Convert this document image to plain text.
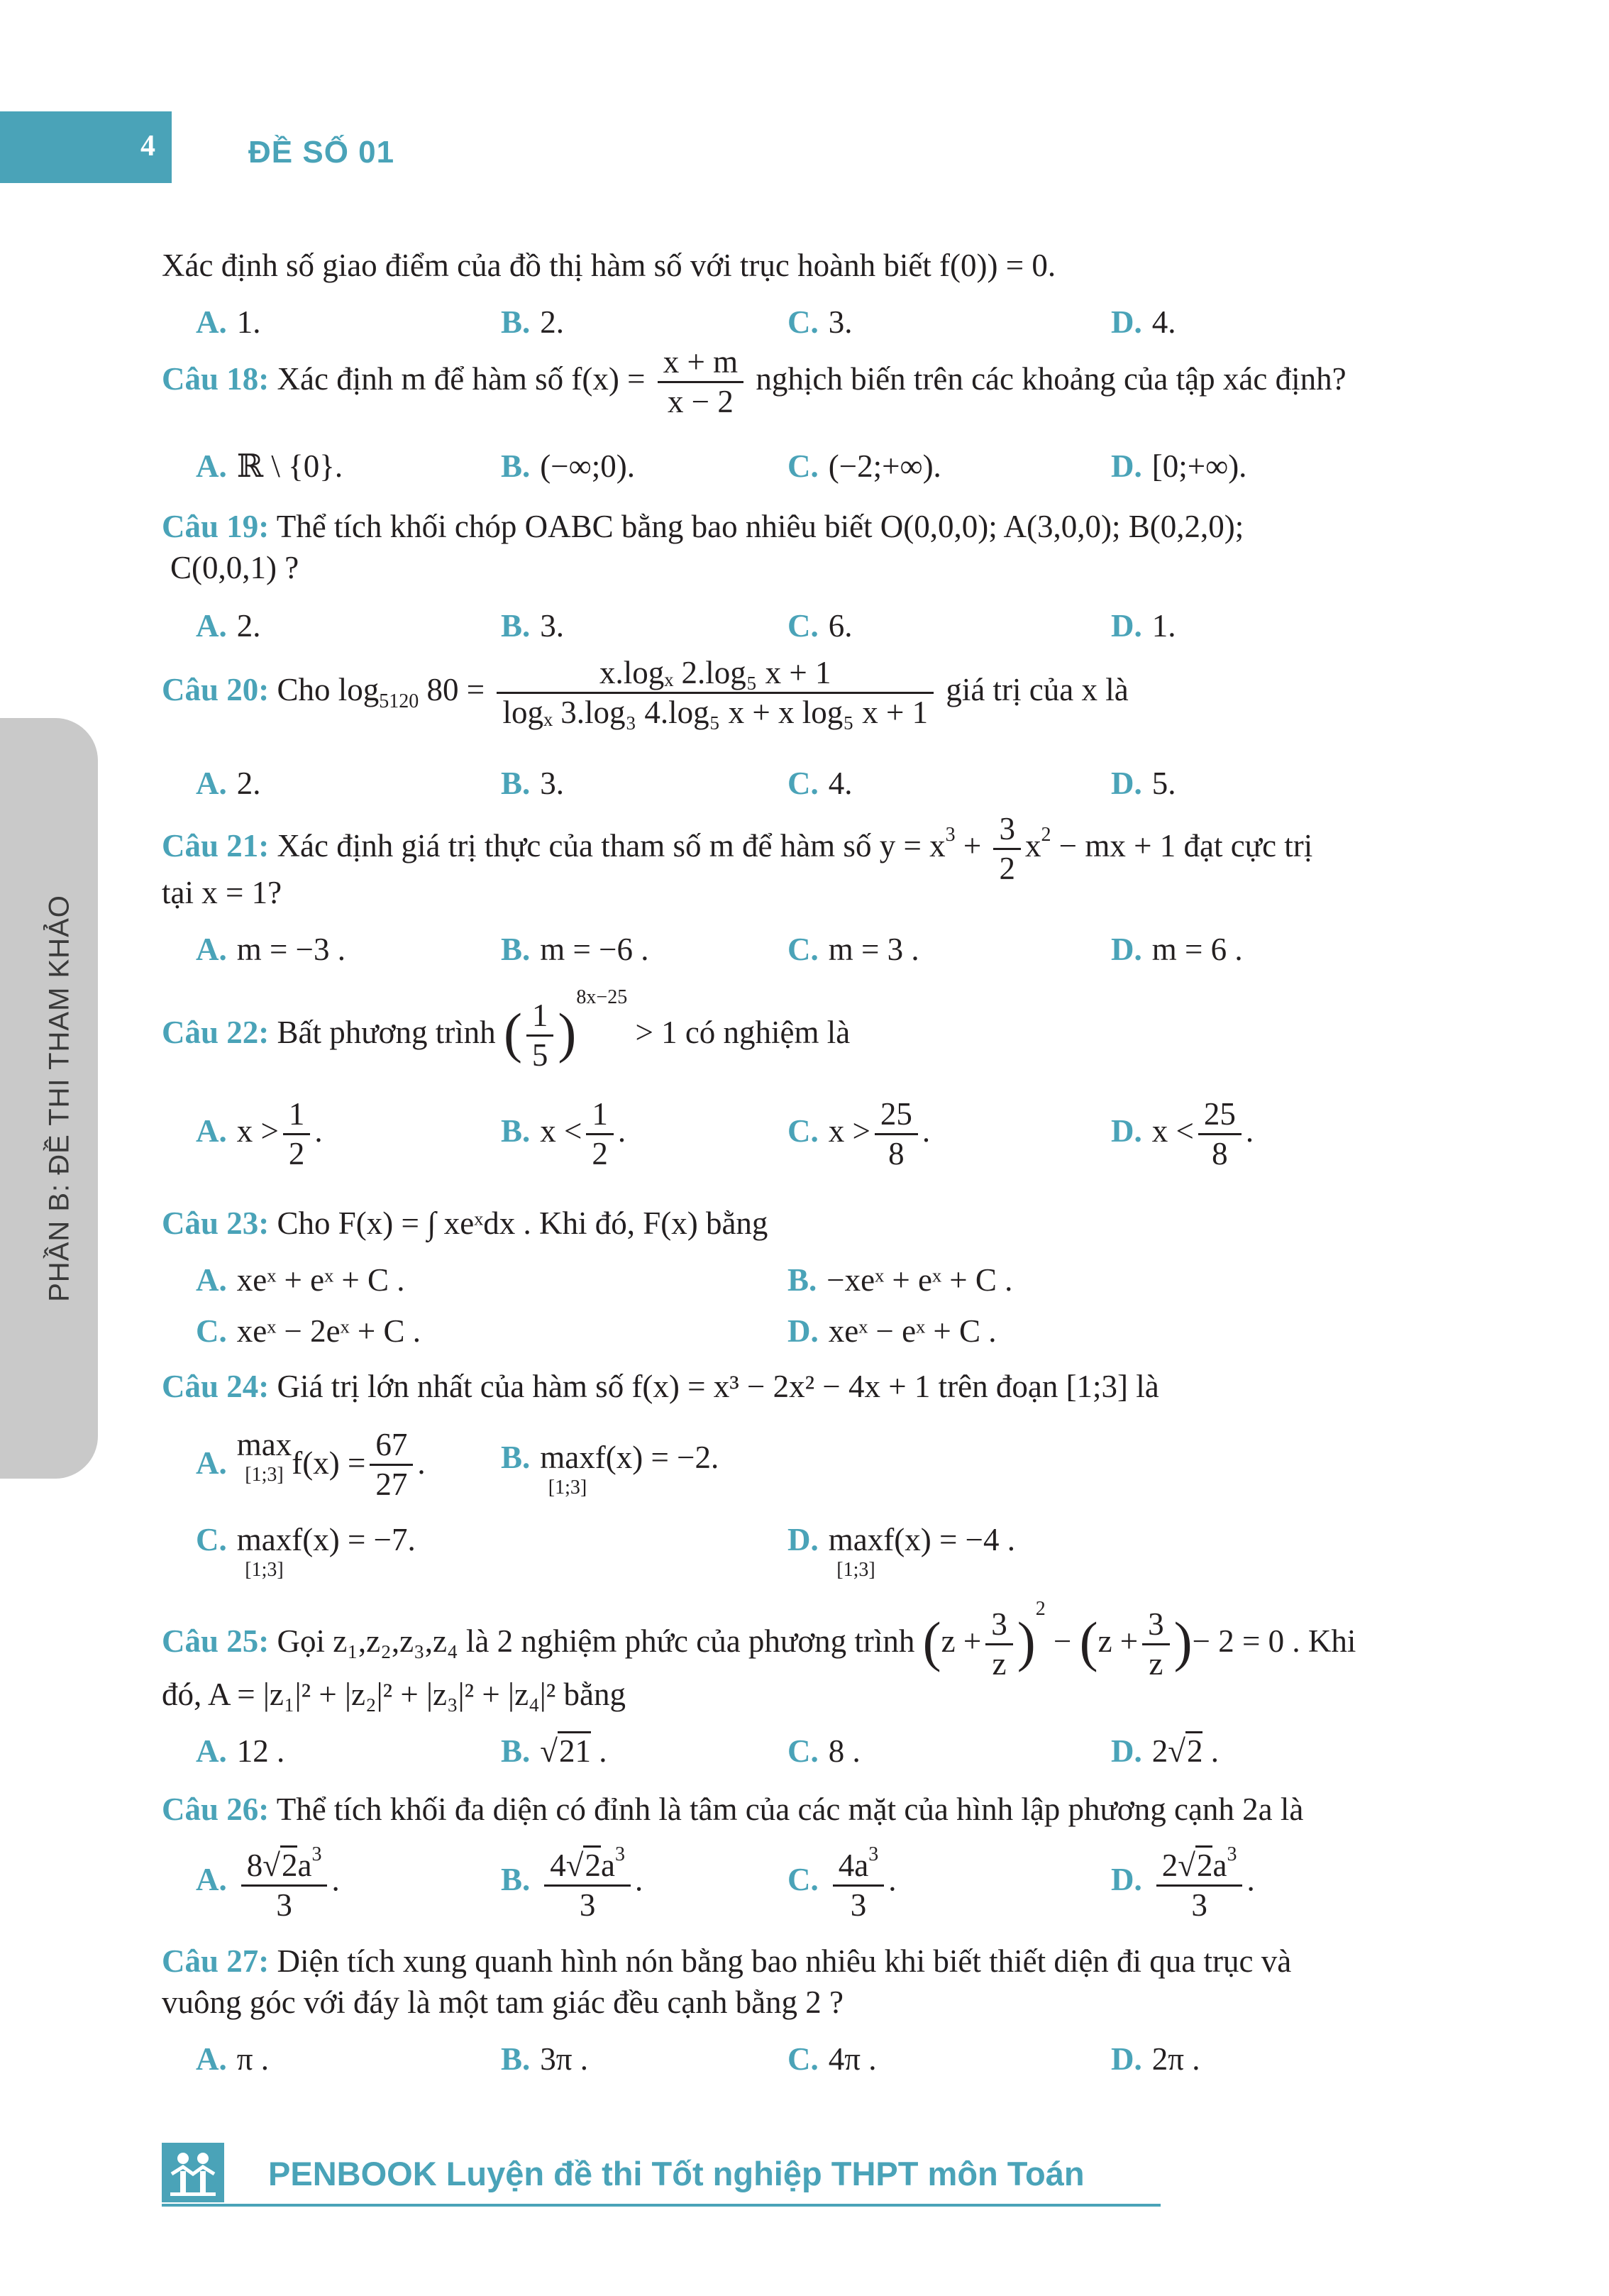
4	ĐỀ SỐ 01
PHẦN B: ĐỀ THI THAM KHẢO
Xác định số giao điểm của đồ thị hàm số với trục hoành biết f(0)) = 0.
A. 1.	B. 2.	C. 3.	D. 4.
Câu 18: Xác định m để hàm số $f(x) = \frac{x + m}{x - 2}$ nghịch biến trên các khoảng của tập xác định?
A. ℝ \ {0}.	B. (−∞;0).	C. (−2;+∞).	D. [0;+∞).
Câu 19: Thể tích khối chóp OABC bằng bao nhiêu biết O(0,0,0); A(3,0,0); B(0,2,0);
C(0,0,1) ?
A. 2.	B. 3.	C. 6.	D. 1.
Câu 20: Cho $\log_{5120} 80 = \frac{\text{x.logₓ 2.log₅ x + 1}}{\text{logₓ 3.log₃ 4.log₅ x + x log₅ x + 1}}$ giá trị của x là
A. 2.	B. 3.	C. 4.	D. 5.
Câu 21: Xác định giá trị thực của tham số m để hàm số $y = x^3 + \frac{3}{2} x^2$ − mx + 1 đạt cực trị
tại x = 1?
A. m = −3 .	B. m = −6 .	C. m = 3 .	D. m = 6 .
Câu 22: Bất phương trình ( $\frac{1}{5} )^{8x-25} > 1$ có nghiệm là
A. $x > \frac{1}{2}$ .	B. $x < \frac{1}{2}$ .	C. $x > \frac{25}{8}$ .	D. $x < \frac{25}{8}$ .
Câu 23: Cho F(x) = ∫ xeˣdx . Khi đó, F(x) bằng
A. xeˣ + eˣ + C .	B. −xeˣ + eˣ + C .
C. xeˣ − 2eˣ + C .	D. xeˣ − eˣ + C .
Câu 24: Giá trị lớn nhất của hàm số f(x) = x³ − 2x² − 4x + 1 trên đoạn [1;3] là
A.max
[1;3] $f(x) = \frac{67}{27}$ . B. max
[1;3]
f(x) = −2.
C. max
[1;3]
f(x) = −7.	D. max
[1;3]
f(x) = −4 .
Câu 25: Gọi z₁,z₂,z₃,z₄ là 2 nghiệm phức của phương trình $(z + \frac{3}{z} )^2 - (z + \frac{3}{z}$ )− 2 = 0 . Khi
đó, A = |z₁|² + |z₂|² + |z₃|² + |z₄|² bằng
A. 12 .	B. √21 .	C. 8 .	D. 2√2 .
Câu 26: Thể tích khối đa diện có đỉnh là tâm của các mặt của hình lập phương cạnh 2a là
A. $\frac{8√2a^3}{3}$ .	B. $\frac{4√2a^3}{3}$ .	C. $\frac{4a^3}{3}$ .	D. $\frac{2√2a^3}{3}$ .
Câu 27: Diện tích xung quanh hình nón bằng bao nhiêu khi biết thiết diện đi qua trục và
vuông góc với đáy là một tam giác đều cạnh bằng 2 ?
A. π .	B. 3π .	C. 4π .	D. 2π .
PENBOOK Luyện đề thi Tốt nghiệp THPT môn Toán
